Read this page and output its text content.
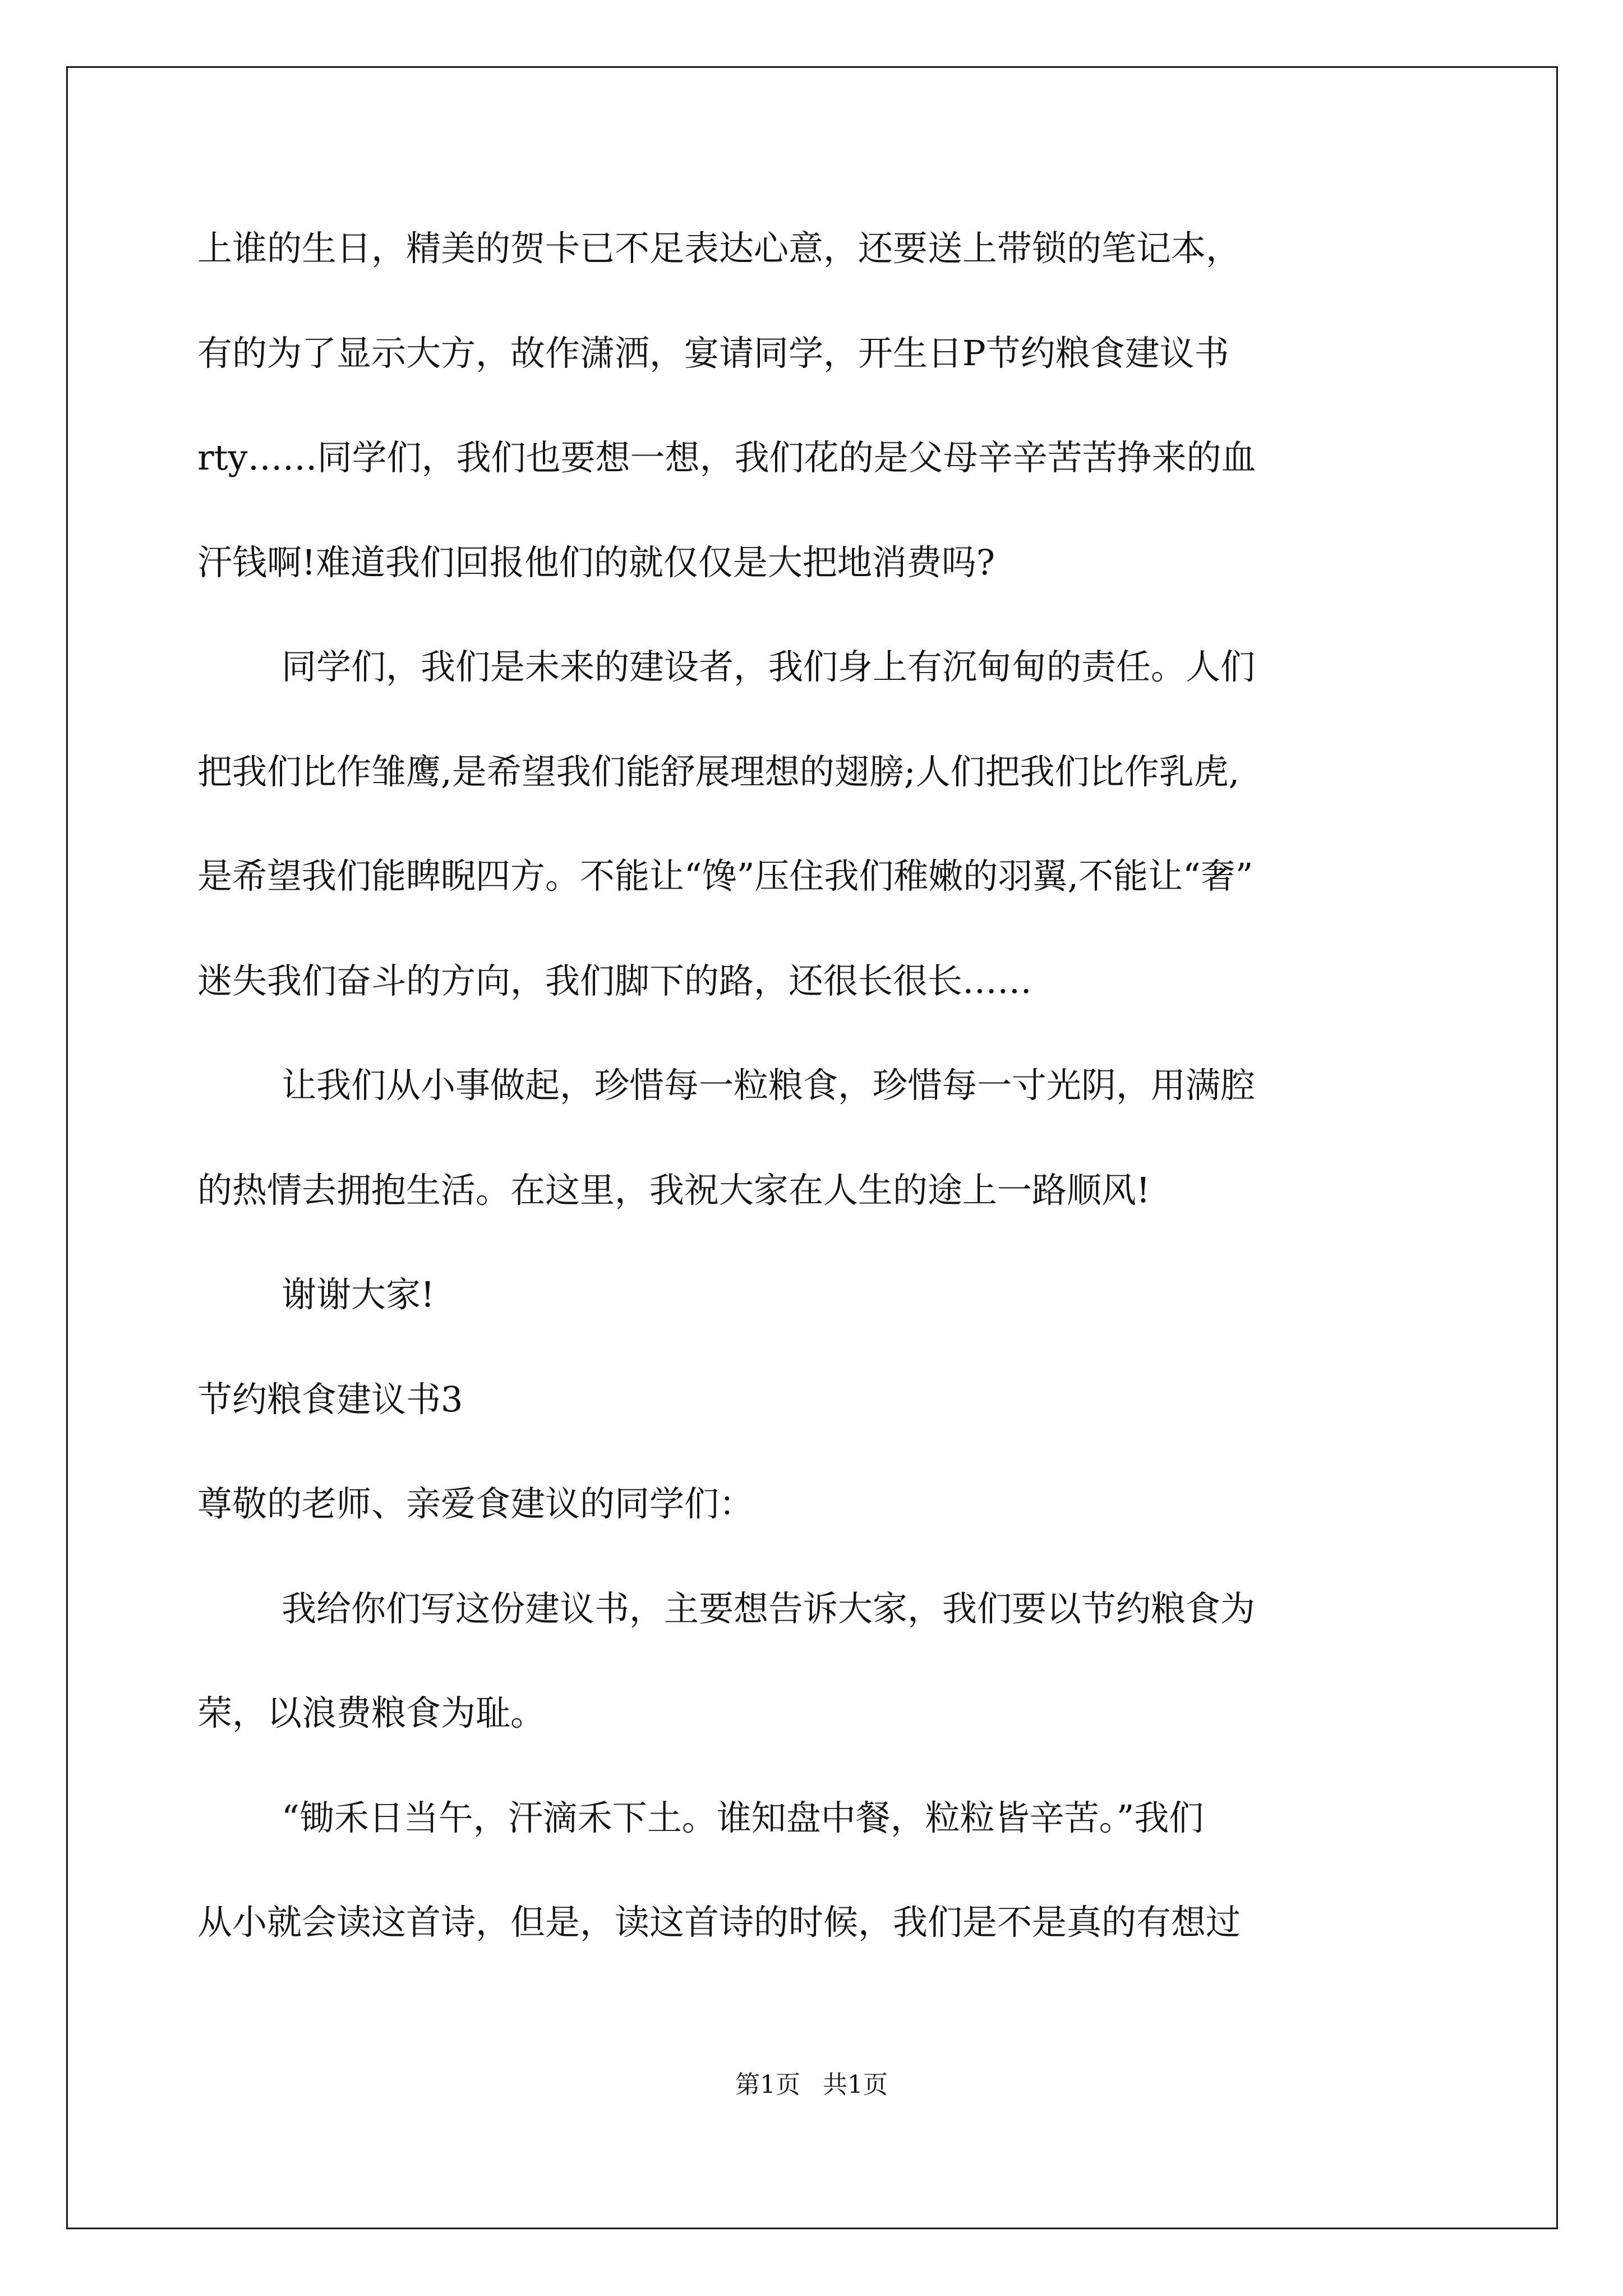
上谁的生日，精美的贺卡已不足表达心意，还要送上带锁的笔记本，
有的为了显示大方，故作潇洒，宴请同学，开生日P节约粮食建议书
rty……同学们，我们也要想一想，我们花的是父母辛辛苦苦挣来的血
汗钱啊!难道我们回报他们的就仅仅是大把地消费吗?
同学们，我们是未来的建设者，我们身上有沉甸甸的责任。人们
把我们比作雏鹰,是希望我们能舒展理想的翅膀;人们把我们比作乳虎,
是希望我们能睥睨四方。不能让“馋”压住我们稚嫩的羽翼,不能让“奢”
迷失我们奋斗的方向，我们脚下的路，还很长很长……
让我们从小事做起，珍惜每一粒粮食，珍惜每一寸光阴，用满腔
的热情去拥抱生活。在这里，我祝大家在人生的途上一路顺风!
谢谢大家!
节约粮食建议书3
尊敬的老师、亲爱食建议的同学们：
我给你们写这份建议书，主要想告诉大家，我们要以节约粮食为
荣，以浪费粮食为耻。
“锄禾日当午，汗滴禾下土。谁知盘中餐，粒粒皆辛苦。”我们
从小就会读这首诗，但是，读这首诗的时候，我们是不是真的有想过
第1页 共1页
